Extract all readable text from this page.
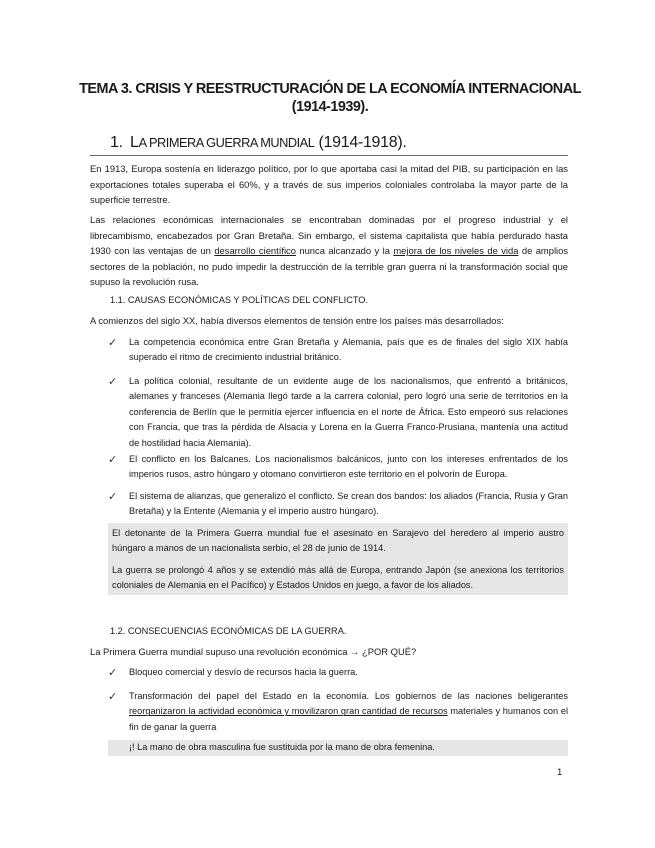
TEMA 3. CRISIS Y REESTRUCTURACIÓN DE LA ECONOMÍA INTERNACIONAL
(1914-1939).
1. LA PRIMERA GUERRA MUNDIAL (1914-1918).
En 1913, Europa sostenía en liderazgo político, por lo que aportaba casi la mitad del PIB, su participación en las exportaciones totales superaba el 60%, y a través de sus imperios coloniales controlaba la mayor parte de la superficie terrestre.
Las relaciones económicas internacionales se encontraban dominadas por el progreso industrial y el librecambismo, encabezados por Gran Bretaña. Sin embargo, el sistema capitalista que había perdurado hasta 1930 con las ventajas de un desarrollo científico nunca alcanzado y la mejora de los niveles de vida de amplios sectores de la población, no pudo impedir la destrucción de la terrible gran guerra ni la transformación social que supuso la revolución rusa.
1.1. CAUSAS ECONÓMICAS Y POLÍTICAS DEL CONFLICTO.
A comienzos del siglo XX, había diversos elementos de tensión entre los países más desarrollados:
✓	La competencia económica entre Gran Bretaña y Alemania, país que es de finales del siglo XIX había superado el ritmo de crecimiento industrial británico.
✓	La política colonial, resultante de un evidente auge de los nacionalismos, que enfrentó a británicos, alemanes y franceses (Alemania llegó tarde a la carrera colonial, pero logró una serie de territorios en la conferencia de Berlín que le permitía ejercer influencia en el norte de África. Esto empeoró sus relaciones con Francia, que tras la pérdida de Alsacia y Lorena en la Guerra Franco-Prusiana, mantenía una actitud de hostilidad hacia Alemania).
✓	El conflicto en los Balcanes. Los nacionalismos balcánicos, junto con los intereses enfrentados de los imperios rusos, astro húngaro y otomano convirtieron este territorio en el polvorín de Europa.
✓	El sistema de alianzas, que generalizó el conflicto. Se crean dos bandos: los aliados (Francia, Rusia y Gran Bretaña) y la Entente (Alemania y el imperio austro húngaro).
El detonante de la Primera Guerra mundial fue el asesinato en Sarajevo del heredero al imperio austro húngaro a manos de un nacionalista serbio, el 28 de junio de 1914.
La guerra se prolongó 4 años y se extendió más allá de Europa, entrando Japón (se anexiona los territorios coloniales de Alemania en el Pacífico) y Estados Unidos en juego, a favor de los aliados.
1.2. CONSECUENCIAS ECONÓMICAS DE LA GUERRA.
La Primera Guerra mundial supuso una revolución económica → ¿POR QUÉ?
✓	Bloqueo comercial y desvío de recursos hacia la guerra.
✓	Transformación del papel del Estado en la economía. Los gobiernos de las naciones beligerantes reorganizaron la actividad económica y movilizaron gran cantidad de recursos materiales y humanos con el fin de ganar la guerra
¡! La mano de obra masculina fue sustituida por la mano de obra femenina.
1
